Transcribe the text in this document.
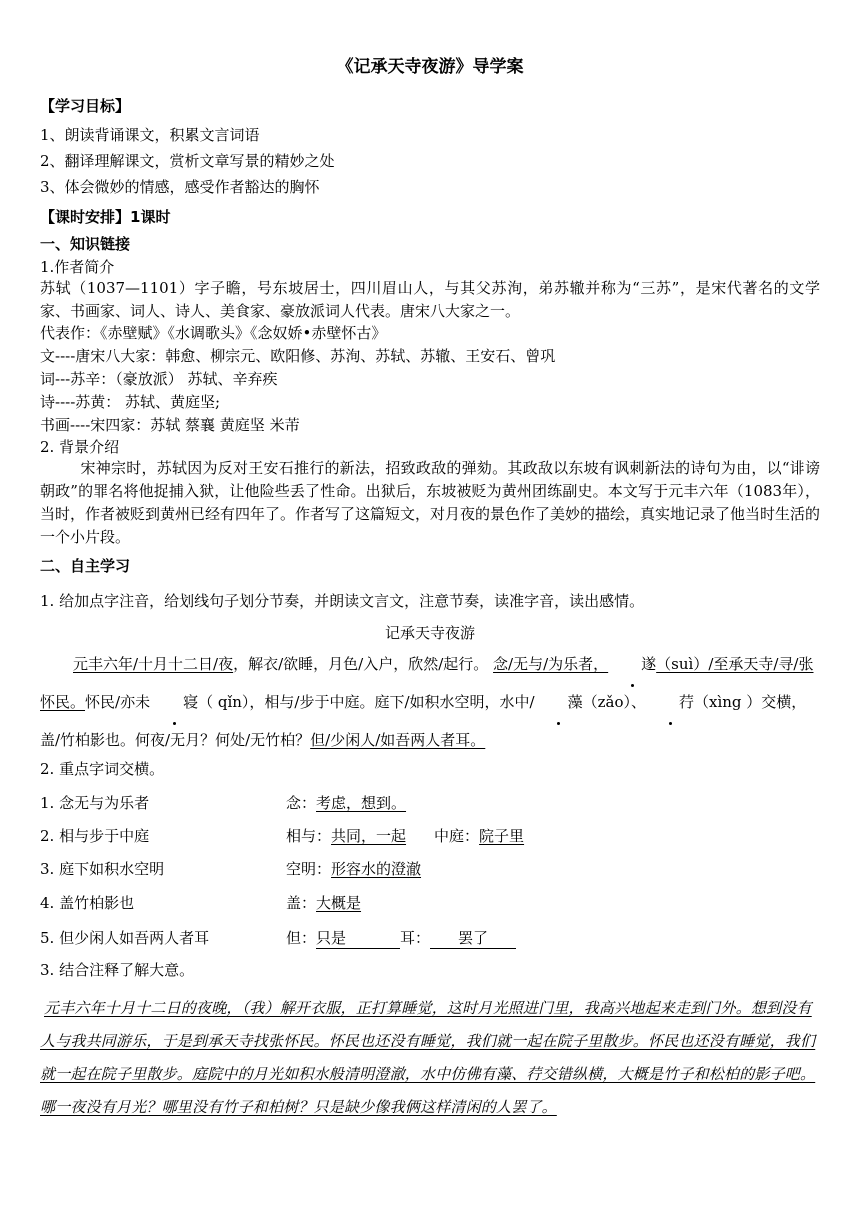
《记承天寺夜游》导学案
【学习目标】
1、朗读背诵课文，积累文言词语
2、翻译理解课文，赏析文章写景的精妙之处
3、体会微妙的情感，感受作者豁达的胸怀
【课时安排】1课时
一、知识链接
1.作者简介
苏轼（1037—1101）字子瞻，号东坡居士，四川眉山人，与其父苏洵，弟苏辙并称为“三苏”，是宋代著名的文学家、书画家、词人、诗人、美食家、豪放派词人代表。唐宋八大家之一。
代表作：《赤壁赋》《水调歌头》《念奴娇•赤壁怀古》
文----唐宋八大家：韩愈、柳宗元、欧阳修、苏洵、苏轼、苏辙、王安石、曾巩
词---苏辛：（豪放派） 苏轼、辛弃疾
诗----苏黄： 苏轼、黄庭坚;
书画----宋四家：苏轼 蔡襄 黄庭坚 米芾
2. 背景介绍
宋神宗时，苏轼因为反对王安石推行的新法，招致政敌的弹劾。其政敌以东坡有讽刺新法的诗句为由，以“诽谤朝政”的罪名将他捉捕入狱，让他险些丢了性命。出狱后，东坡被贬为黄州团练副史。本文写于元丰六年（1083年），当时，作者被贬到黄州已经有四年了。作者写了这篇短文，对月夜的景色作了美妙的描绘，真实地记录了他当时生活的一个小片段。
二、自主学习
1. 给加点字注音，给划线句子划分节奏，并朗读文言文，注意节奏，读准字音，读出感情。
记承天寺夜游
元丰六年/十月十二日/夜，解衣/欲睡，月色/入户，欣然/起行。 念/无与/为乐者， 遂（suì）/至承天寺/寻/张怀民。怀民/亦未 寝（ qǐn），相与/步于中庭。庭下/如积水空明，水中/ 藻（zǎo）、 荇（xìng ）交横，盖/竹柏影也。何夜/无月？何处/无竹柏？但/少闲人/如吾两人者耳。
2. 重点字词交横。
1. 念无与为乐者	念：考虑，想到。
2. 相与步于中庭	相与：共同，一起 中庭：院子里
3. 庭下如积水空明	空明：形容水的澄澈
4. 盖竹柏影也	盖：大概是
5. 但少闲人如吾两人者耳	但：只是	耳： 罢了
3. 结合注释了解大意。
元丰六年十月十二日的夜晚，（我）解开衣服，正打算睡觉，这时月光照进门里，我高兴地起来走到门外。想到没有人与我共同游乐，于是到承天寺找张怀民。怀民也还没有睡觉，我们就一起在院子里散步。怀民也还没有睡觉，我们就一起在院子里散步。庭院中的月光如积水般清明澄澈，水中仿佛有藻、荇交错纵横，大概是竹子和松柏的影子吧。哪一夜没有月光？哪里没有竹子和柏树？只是缺少像我俩这样清闲的人罢了。
